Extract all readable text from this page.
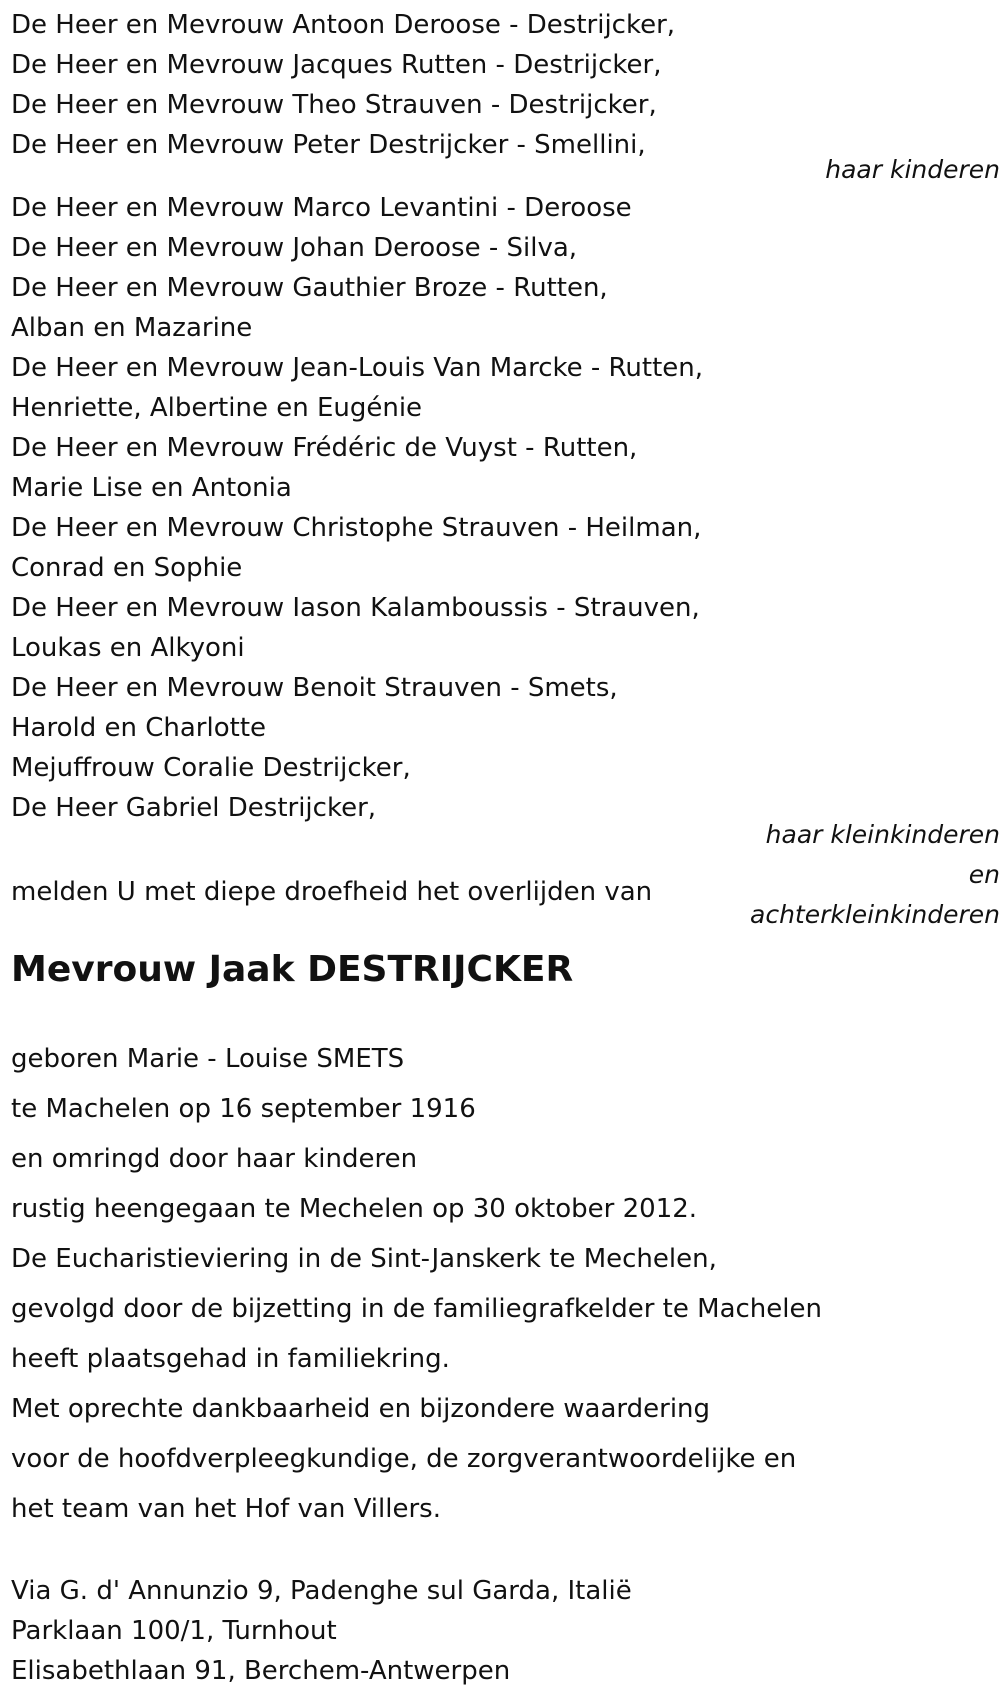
De Heer en Mevrouw Antoon Deroose - Destrijcker,
De Heer en Mevrouw Jacques Rutten - Destrijcker,
De Heer en Mevrouw Theo Strauven - Destrijcker,
De Heer en Mevrouw Peter Destrijcker - Smellini,
haar kinderen
De Heer en Mevrouw Marco Levantini - Deroose
De Heer en Mevrouw Johan Deroose - Silva,
De Heer en Mevrouw Gauthier Broze - Rutten,
Alban en Mazarine
De Heer en Mevrouw Jean-Louis Van Marcke - Rutten,
Henriette, Albertine en Eugénie
De Heer en Mevrouw Frédéric de Vuyst - Rutten,
Marie Lise en Antonia
De Heer en Mevrouw Christophe Strauven - Heilman,
Conrad en Sophie
De Heer en Mevrouw Iason Kalamboussis - Strauven,
Loukas en Alkyoni
De Heer en Mevrouw Benoit Strauven - Smets,
Harold en Charlotte
Mejuffrouw Coralie Destrijcker,
De Heer Gabriel Destrijcker,
haar kleinkinderen
en
achterkleinkinderen
melden U met diepe droefheid het overlijden van
Mevrouw Jaak DESTRIJCKER
geboren Marie - Louise SMETS
te Machelen op 16 september 1916
en omringd door haar kinderen
rustig heengegaan te Mechelen op 30 oktober 2012.
De Eucharistieviering in de Sint-Janskerk te Mechelen,
gevolgd door de bijzetting in de familiegrafkelder te Machelen
heeft plaatsgehad in familiekring.
Met oprechte dankbaarheid en bijzondere waardering
voor de hoofdverpleegkundige, de zorgverantwoordelijke en
het team van het Hof van Villers.
Via G. d' Annunzio 9, Padenghe sul Garda, Italië
Parklaan 100/1, Turnhout
Elisabethlaan 91, Berchem-Antwerpen
